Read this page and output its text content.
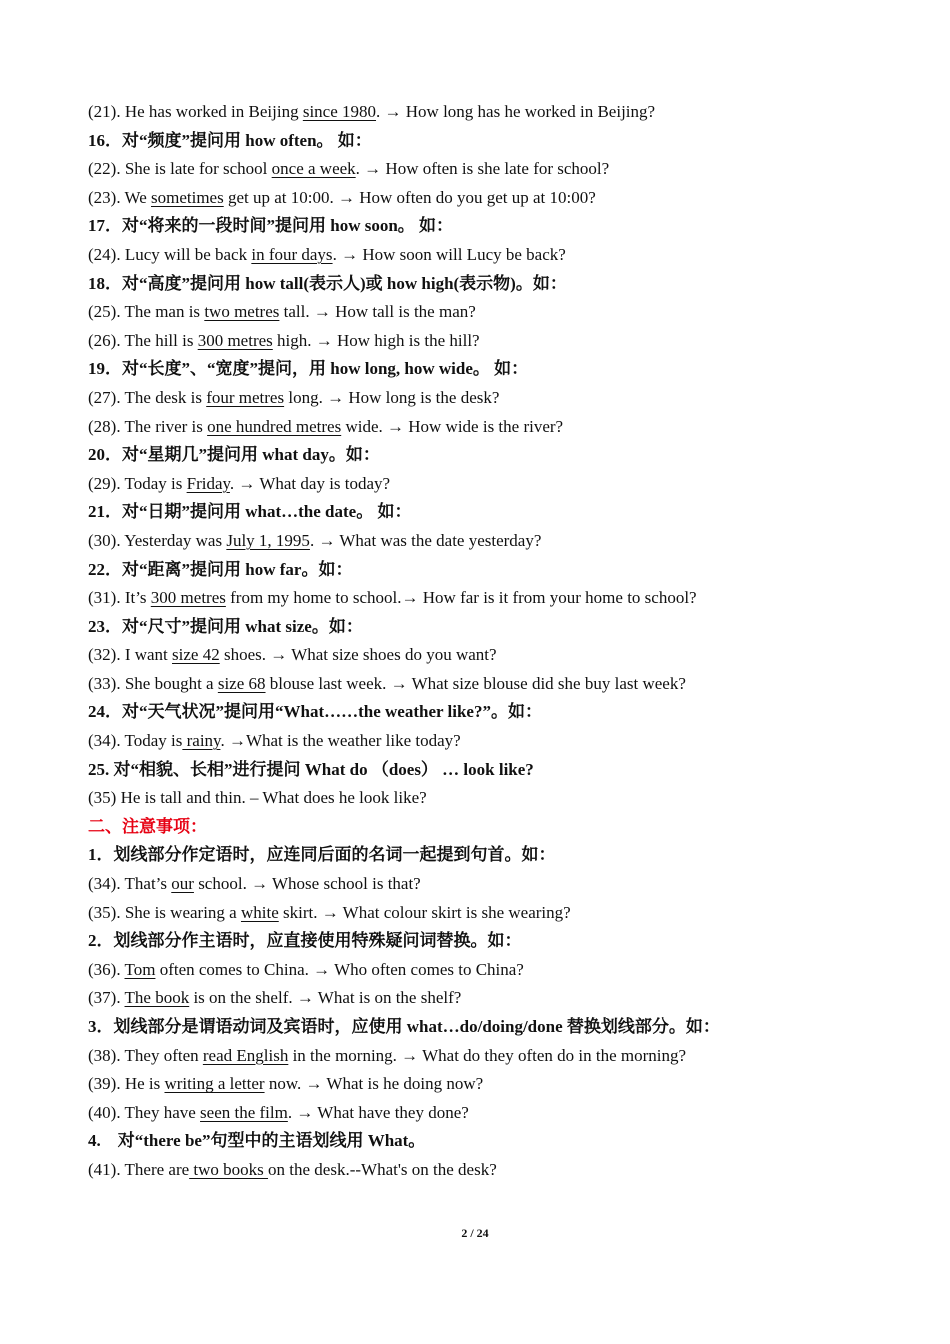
(21). He has worked in Beijing since 1980. → How long has he worked in Beijing?
16．对“频度”提问用 how often。 如：
(22). She is late for school once a week. → How often is she late for school?
(23). We sometimes get up at 10:00. → How often do you get up at 10:00?
17．对“将来的一段时间”提问用 how soon。 如：
(24). Lucy will be back in four days. → How soon will Lucy be back?
18．对“高度”提问用 how tall(表示人)或 how high(表示物)。如：
(25). The man is two metres tall. → How tall is the man?
(26). The hill is 300 metres high. → How high is the hill?
19．对“长度”、“宽度”提问，用 how long, how wide。 如：
(27). The desk is four metres long. → How long is the desk?
(28). The river is one hundred metres wide. → How wide is the river?
20．对“星期几”提问用 what day。如：
(29). Today is Friday. → What day is today?
21．对“日期”提问用 what…the date。 如：
(30). Yesterday was July 1, 1995. → What was the date yesterday?
22．对“距离”提问用 how far。如：
(31). It’s 300 metres from my home to school.→ How far is it from your home to school?
23．对“尺寸”提问用 what size。如：
(32). I want size 42 shoes. → What size shoes do you want?
(33). She bought a size 68 blouse last week. → What size blouse did she buy last week?
24．对“天气状况”提问用“What……the weather like?”。如：
(34). Today is rainy. →What is the weather like today?
25. 对“相貌、长相”进行提问 What do （does） … look like?
(35) He is tall and thin. – What does he look like?
二、注意事项：
1．划线部分作定语时，应连同后面的名词一起提到句首。如：
(34). That’s our school. → Whose school is that?
(35). She is wearing a white skirt. → What colour skirt is she wearing?
2．划线部分作主语时，应直接使用特殊疑问词替换。如：
(36). Tom often comes to China. → Who often comes to China?
(37). The book is on the shelf. → What is on the shelf?
3．划线部分是谓语动词及宾语时，应使用 what…do/doing/done 替换划线部分。如：
(38). They often read English in the morning. → What do they often do in the morning?
(39). He is writing a letter now. → What is he doing now?
(40). They have seen the film. → What have they done?
4.　对“there be”句型中的主语划线用 What。
(41). There are two books on the desk.--What's on the desk?
2 / 24
